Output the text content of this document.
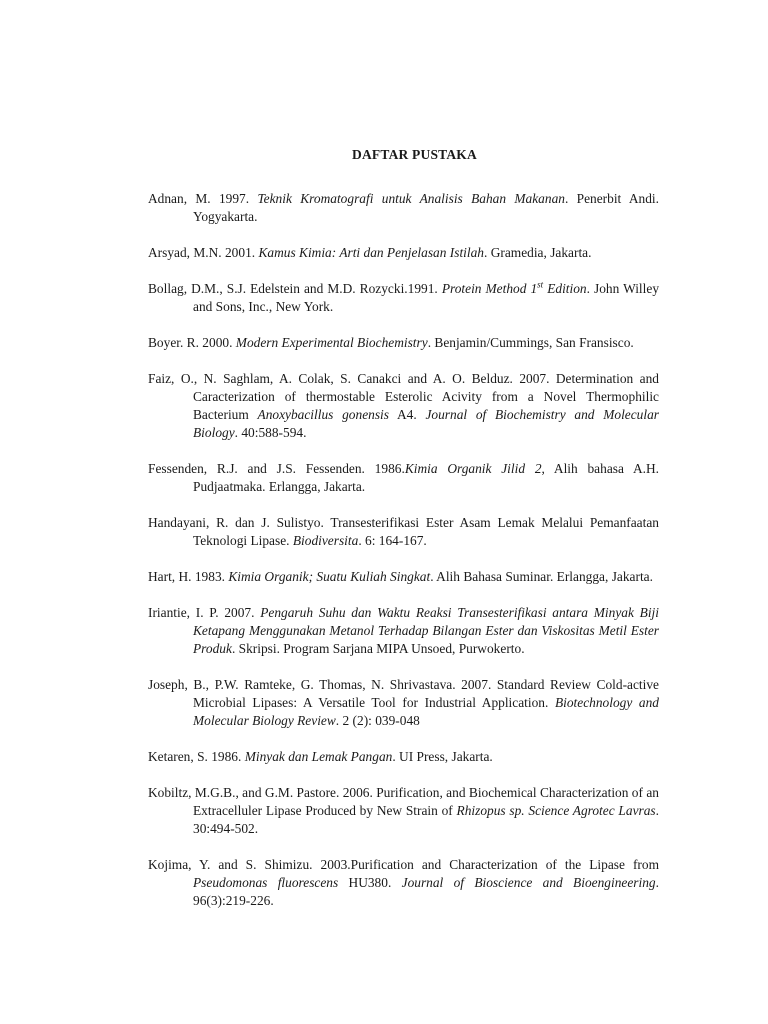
DAFTAR PUSTAKA

Adnan, M. 1997. Teknik Kromatografi untuk Analisis Bahan Makanan. Penerbit Andi. Yogyakarta.

Arsyad, M.N. 2001. Kamus Kimia: Arti dan Penjelasan Istilah. Gramedia, Jakarta.

Bollag, D.M., S.J. Edelstein and M.D. Rozycki.1991. Protein Method 1st Edition. John Willey and Sons, Inc., New York.

Boyer. R. 2000. Modern Experimental Biochemistry. Benjamin/Cummings, San Fransisco.

Faiz, O., N. Saghlam, A. Colak, S. Canakci and A. O. Belduz. 2007. Determination and Caracterization of thermostable Esterolic Acivity from a Novel Thermophilic Bacterium Anoxybacillus gonensis A4. Journal of Biochemistry and Molecular Biology. 40:588-594.

Fessenden, R.J. and J.S. Fessenden. 1986.Kimia Organik Jilid 2, Alih bahasa A.H. Pudjaatmaka. Erlangga, Jakarta.

Handayani, R. dan J. Sulistyo. Transesterifikasi Ester Asam Lemak Melalui Pemanfaatan Teknologi Lipase. Biodiversita. 6: 164-167.

Hart, H. 1983. Kimia Organik; Suatu Kuliah Singkat. Alih Bahasa Suminar. Erlangga, Jakarta.

Iriantie, I. P. 2007. Pengaruh Suhu dan Waktu Reaksi Transesterifikasi antara Minyak Biji Ketapang Menggunakan Metanol Terhadap Bilangan Ester dan Viskositas Metil Ester Produk. Skripsi. Program Sarjana MIPA Unsoed, Purwokerto.

Joseph, B., P.W. Ramteke, G. Thomas, N. Shrivastava. 2007. Standard Review Cold-active Microbial Lipases: A Versatile Tool for Industrial Application. Biotechnology and Molecular Biology Review. 2 (2): 039-048

Ketaren, S. 1986. Minyak dan Lemak Pangan. UI Press, Jakarta.

Kobiltz, M.G.B., and G.M. Pastore. 2006. Purification, and Biochemical Characterization of an Extracelluler Lipase Produced by New Strain of Rhizopus sp. Science Agrotec Lavras. 30:494-502.

Kojima, Y. and S. Shimizu. 2003.Purification and Characterization of the Lipase from Pseudomonas fluorescens HU380. Journal of Bioscience and Bioengineering. 96(3):219-226.
